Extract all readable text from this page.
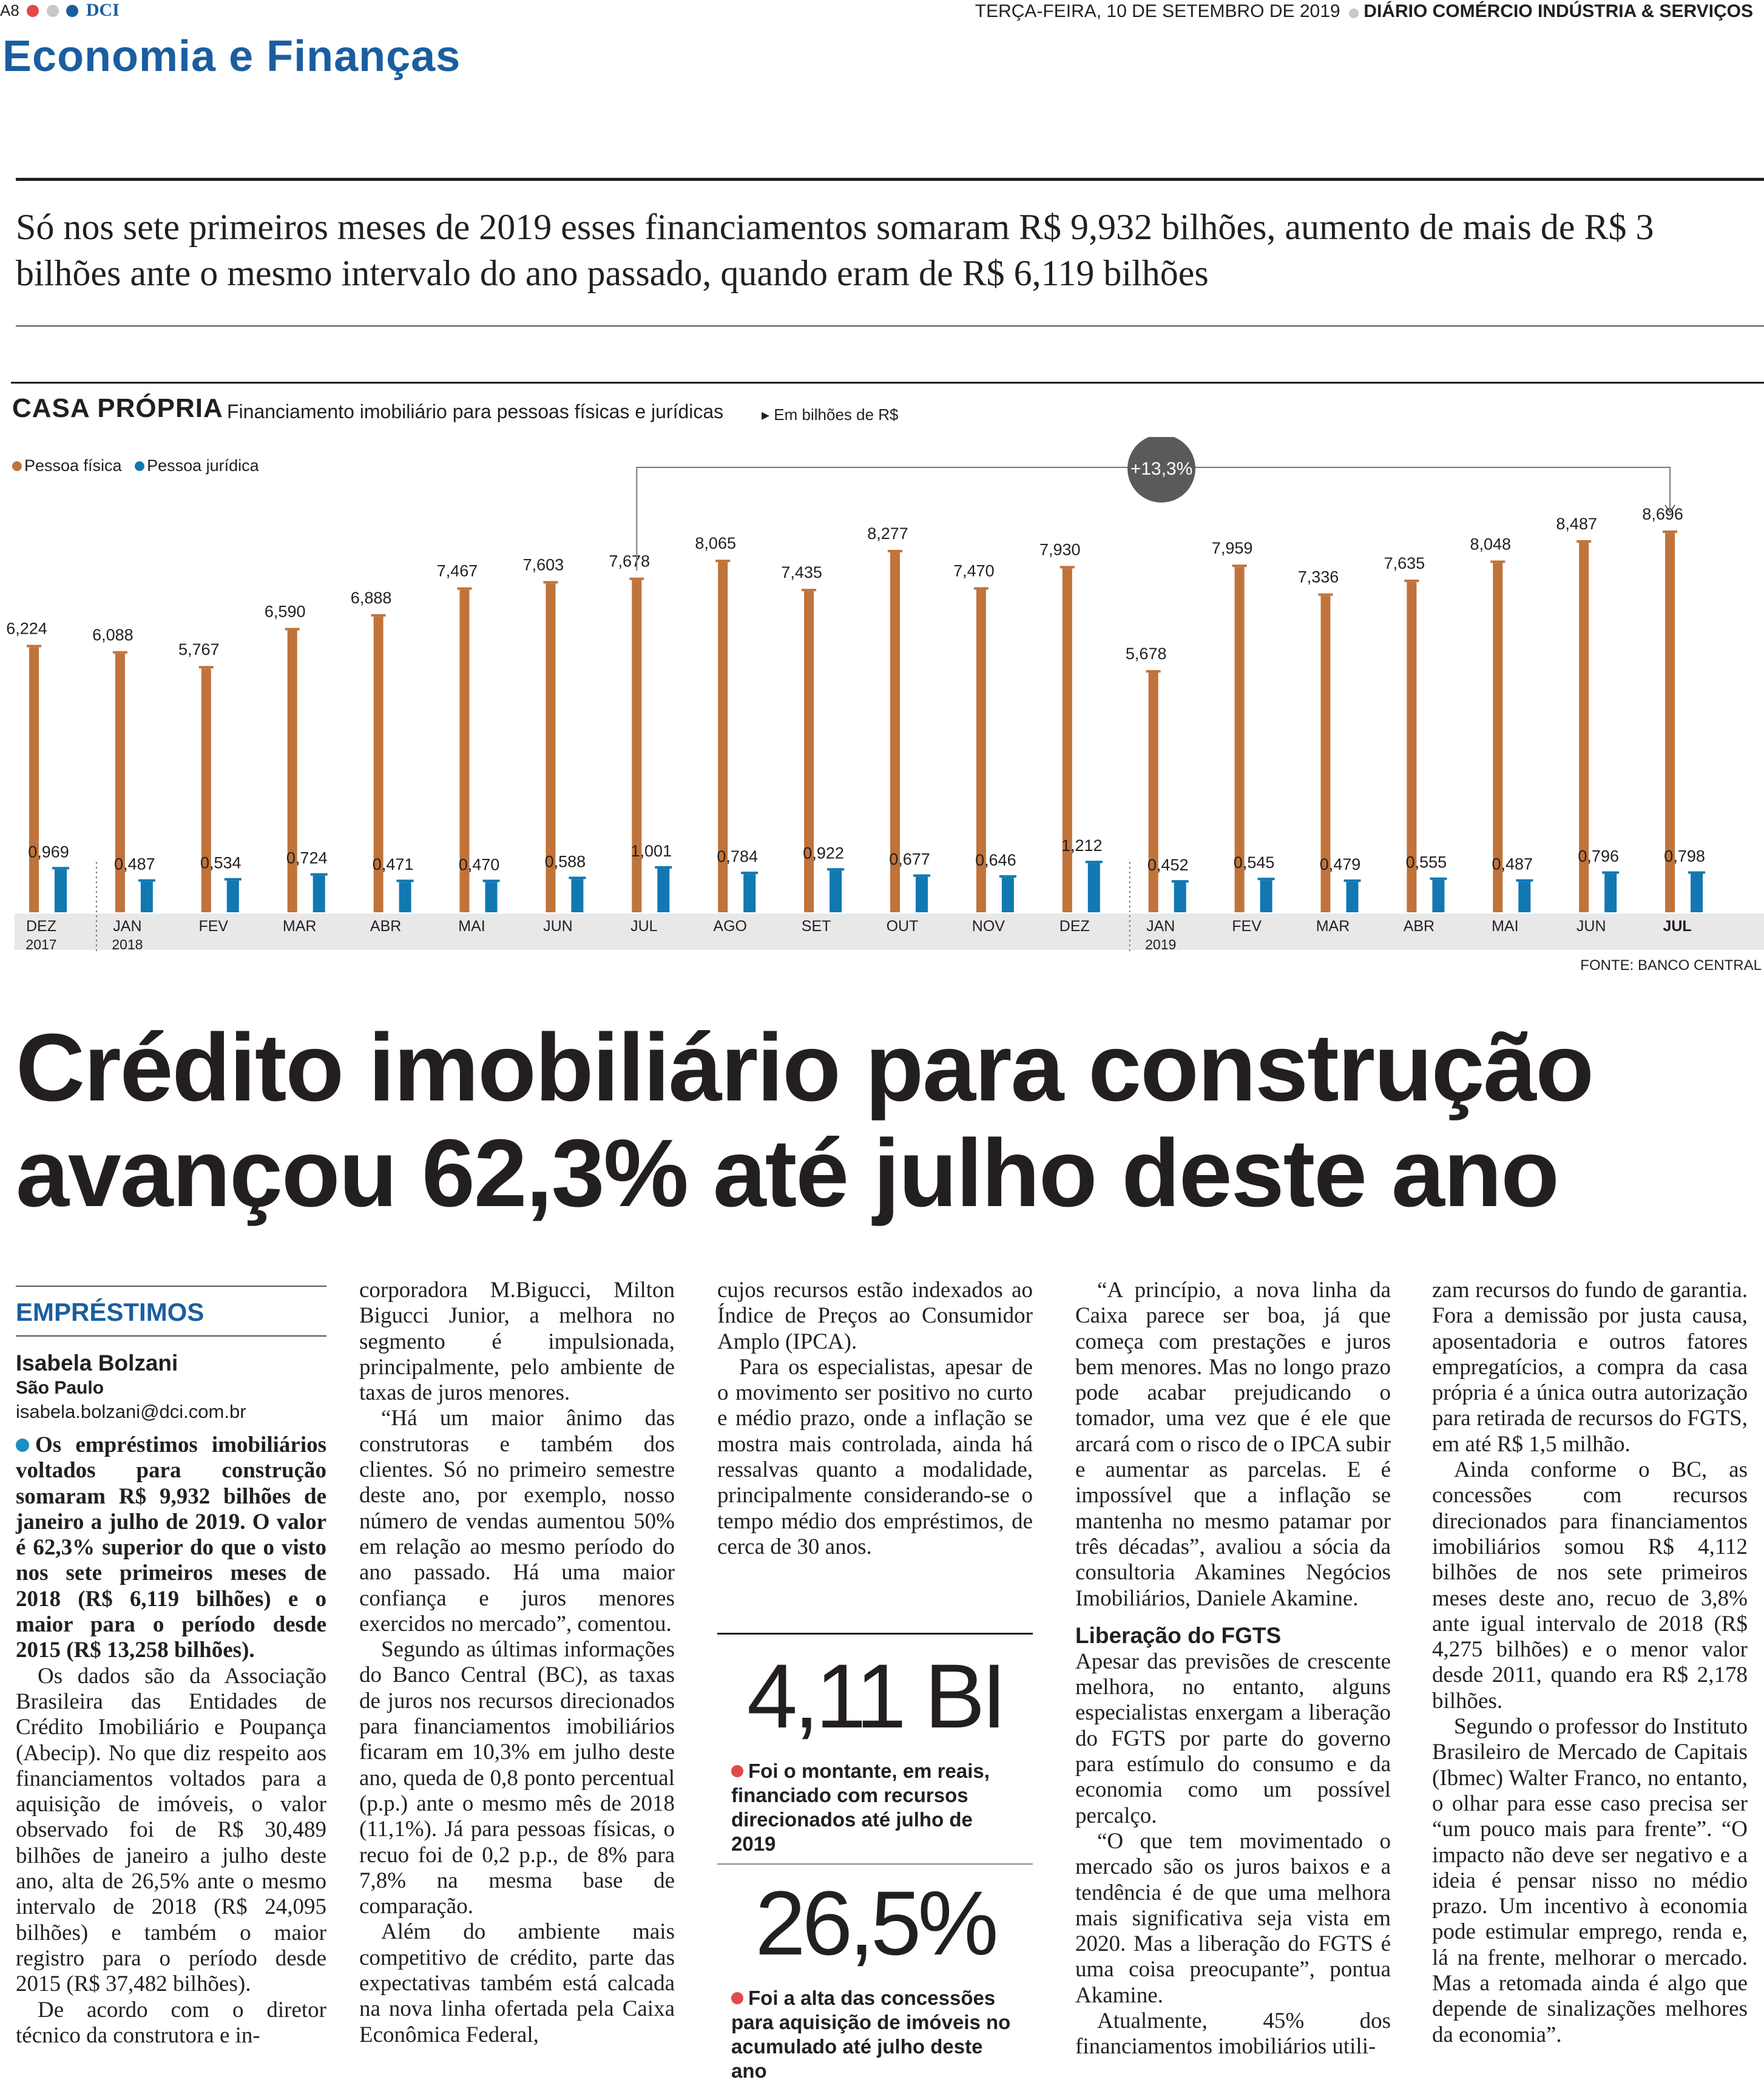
A8	DCI	TERÇA-FEIRA, 10 DE SETEMBRO DE 2019 DIÁRIO COMÉRCIO INDÚSTRIA & SERVIÇOS
Economia e Finanças
Só nos sete primeiros meses de 2019 esses financiamentos somaram R$ 9,932 bilhões, aumento de mais de R$ 3 bilhões ante o mesmo intervalo do ano passado, quando eram de R$ 6,119 bilhões
CASA PRÓPRIA Financiamento imobiliário para pessoas físicas e jurídicas ▸ Em bilhões de R$
Pessoa física Pessoa jurídica
6,224
0,969
DEZ
2017
6,088
0,487
JAN
2018
5,767
0,534
FEV
6,590
0,724
MAR
6,888
0,471
ABR
7,467
0,470
MAI
7,603
0,588
JUN
7,678
1,001
JUL
8,065
0,784
AGO
7,435
0,922
SET
8,277
0,677
OUT
7,470
0,646
NOV
7,930
1,212
DEZ
5,678
0,452
JAN
2019
7,959
0,545
FEV
7,336
0,479
MAR
7,635
0,555
ABR
8,048
0,487
MAI
8,487
0,796
JUN
8,696
0,798
JUL
+13,3%
FONTE: BANCO CENTRAL
Crédito imobiliário para construção avançou 62,3% até julho deste ano
EMPRÉSTIMOS
Isabela Bolzani
São Paulo
isabela.bolzani@dci.com.br

Os empréstimos imobiliários voltados para construção somaram R$ 9,932 bilhões de janeiro a julho de 2019. O valor é 62,3% superior do que o visto nos sete primeiros meses de 2018 (R$ 6,119 bilhões) e o maior para o período desde 2015 (R$ 13,258 bilhões).

Os dados são da Associação Brasileira das Entidades de Crédito Imobiliário e Poupança (Abecip). No que diz respeito aos financiamentos voltados para a aquisição de imóveis, o valor observado foi de R$ 30,489 bilhões de janeiro a julho deste ano, alta de 26,5% ante o mesmo intervalo de 2018 (R$ 24,095 bilhões) e também o maior registro para o período desde 2015 (R$ 37,482 bilhões).

De acordo com o diretor técnico da construtora e in-

corporadora M.Bigucci, Milton Bigucci Junior, a melhora no segmento é impulsionada, principalmente, pelo ambiente de taxas de juros menores.

“Há um maior ânimo das construtoras e também dos clientes. Só no primeiro semestre deste ano, por exemplo, nosso número de vendas aumentou 50% em relação ao mesmo período do ano passado. Há uma maior confiança e juros menores exercidos no mercado”, comentou.

Segundo as últimas informações do Banco Central (BC), as taxas de juros nos recursos direcionados para financiamentos imobiliários ficaram em 10,3% em julho deste ano, queda de 0,8 ponto percentual (p.p.) ante o mesmo mês de 2018 (11,1%). Já para pessoas físicas, o recuo foi de 0,2 p.p., de 8% para 7,8% na mesma base de comparação.

Além do ambiente mais competitivo de crédito, parte das expectativas também está calcada na nova linha ofertada pela Caixa Econômica Federal,

cujos recursos estão indexados ao Índice de Preços ao Consumidor Amplo (IPCA).

Para os especialistas, apesar de o movimento ser positivo no curto e médio prazo, onde a inflação se mostra mais controlada, ainda há ressalvas quanto a modalidade, principalmente considerando-se o tempo médio dos empréstimos, de cerca de 30 anos.

4,11 BI
Foi o montante, em reais, financiado com recursos direcionados até julho de 2019
26,5%
Foi a alta das concessões para aquisição de imóveis no acumulado até julho deste ano

“A princípio, a nova linha da Caixa parece ser boa, já que começa com prestações e juros bem menores. Mas no longo prazo pode acabar prejudicando o tomador, uma vez que é ele que arcará com o risco de o IPCA subir e aumentar as parcelas. E é impossível que a inflação se mantenha no mesmo patamar por três décadas”, avaliou a sócia da consultoria Akamines Negócios Imobiliários, Daniele Akamine.

Liberação do FGTS

Apesar das previsões de crescente melhora, no entanto, alguns especialistas enxergam a liberação do FGTS por parte do governo para estímulo do consumo e da economia como um possível percalço.

“O que tem movimentado o mercado são os juros baixos e a tendência é de que uma melhora mais significativa seja vista em 2020. Mas a liberação do FGTS é uma coisa preocupante”, pontua Akamine.

Atualmente, 45% dos financiamentos imobiliários utili-

zam recursos do fundo de garantia. Fora a demissão por justa causa, aposentadoria e outros fatores empregatícios, a compra da casa própria é a única outra autorização para retirada de recursos do FGTS, em até R$ 1,5 milhão.

Ainda conforme o BC, as concessões com recursos direcionados para financiamentos imobiliários somou R$ 4,112 bilhões de nos sete primeiros meses deste ano, recuo de 3,8% ante igual intervalo de 2018 (R$ 4,275 bilhões) e o menor valor desde 2011, quando era R$ 2,178 bilhões.

Segundo o professor do Instituto Brasileiro de Mercado de Capitais (Ibmec) Walter Franco, no entanto, o olhar para esse caso precisa ser “um pouco mais para frente”. “O impacto não deve ser negativo e a ideia é pensar nisso no médio prazo. Um incentivo à economia pode estimular emprego, renda e, lá na frente, melhorar o mercado. Mas a retomada ainda é algo que depende de sinalizações melhores da economia”.
